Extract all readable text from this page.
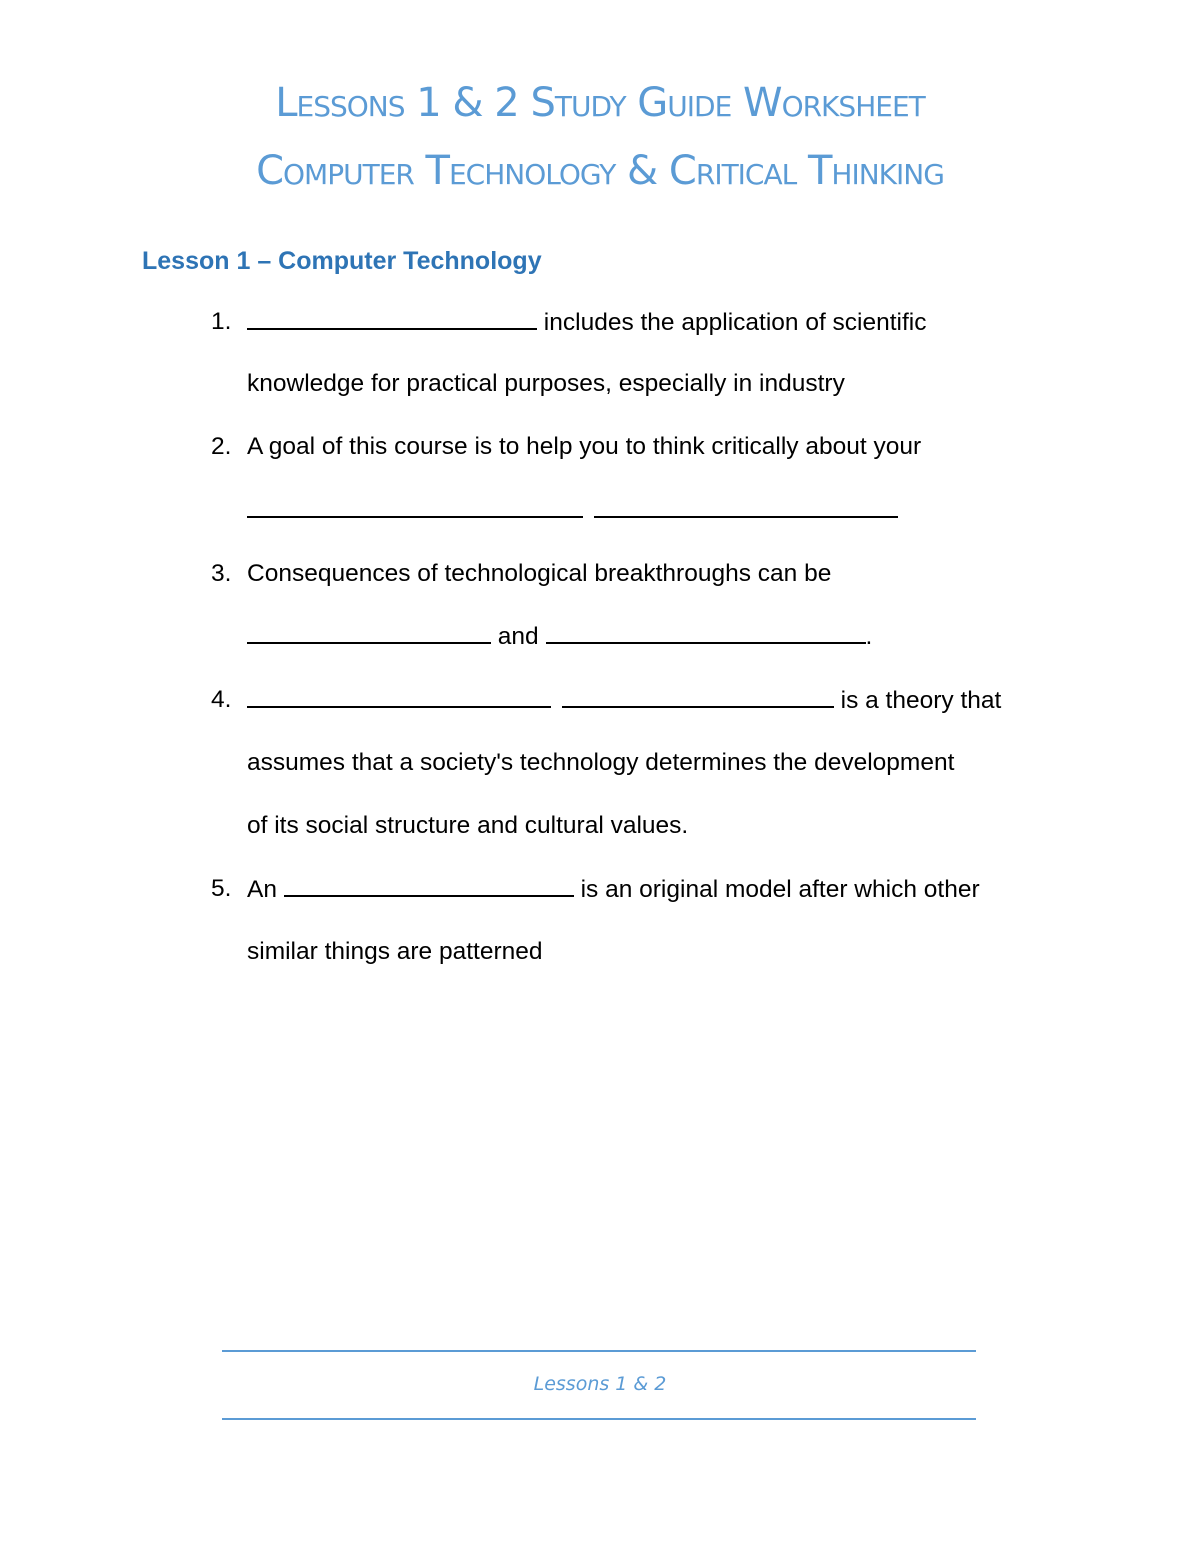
Lessons 1 & 2 Study Guide Worksheet
Computer Technology & Critical Thinking
Lesson 1 – Computer Technology
1.	includes the application of scientific
knowledge for practical purposes, especially in industry
2. A goal of this course is to help you to think critically about your

3. Consequences of technological breakthroughs can be
and	.
4.	is a theory that
assumes that a society's technology determines the development
of its social structure and cultural values.
5. An	is an original model after which other
similar things are patterned
Lessons 1 & 2
